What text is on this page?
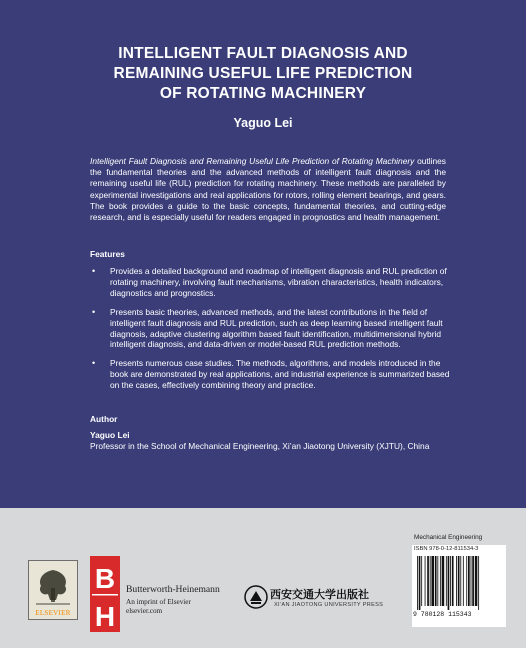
INTELLIGENT FAULT DIAGNOSIS AND
REMAINING USEFUL LIFE PREDICTION
OF ROTATING MACHINERY
Yaguo Lei
Intelligent Fault Diagnosis and Remaining Useful Life Prediction of Rotating Machinery outlines the fundamental theories and the advanced methods of intelligent fault diagnosis and the remaining useful life (RUL) prediction for rotating machinery. These methods are paralleled by experimental investigations and real applications for rotors, rolling element bearings, and gears. The book provides a guide to the basic concepts, fundamental theories, and cutting-edge research, and is especially useful for readers engaged in prognostics and health management.
Features
• Provides a detailed background and roadmap of intelligent diagnosis and RUL prediction of rotating machinery, involving fault mechanisms, vibration characteristics, health indicators, diagnostics and prognostics.
• Presents basic theories, advanced methods, and the latest contributions in the field of intelligent fault diagnosis and RUL prediction, such as deep learning based intelligent fault diagnosis, adaptive clustering algorithm based fault identification, multidimensional hybrid intelligent diagnosis, and data-driven or model-based RUL prediction methods.
• Presents numerous case studies. The methods, algorithms, and models introduced in the book are demonstrated by real applications, and industrial experience is summarized based on the cases, effectively combining theory and practice.
Author
Yaguo Lei
Professor in the School of Mechanical Engineering, Xi’an Jiaotong University (XJTU), China
ELSEVIER
B
H
Butterworth-Heinemann
An imprint of Elsevier
elsevier.com
西安交通大学出版社
XI’AN JIAOTONG UNIVERSITY PRESS
Mechanical Engineering
ISBN 978-0-12-811534-3
9 780128 115343
